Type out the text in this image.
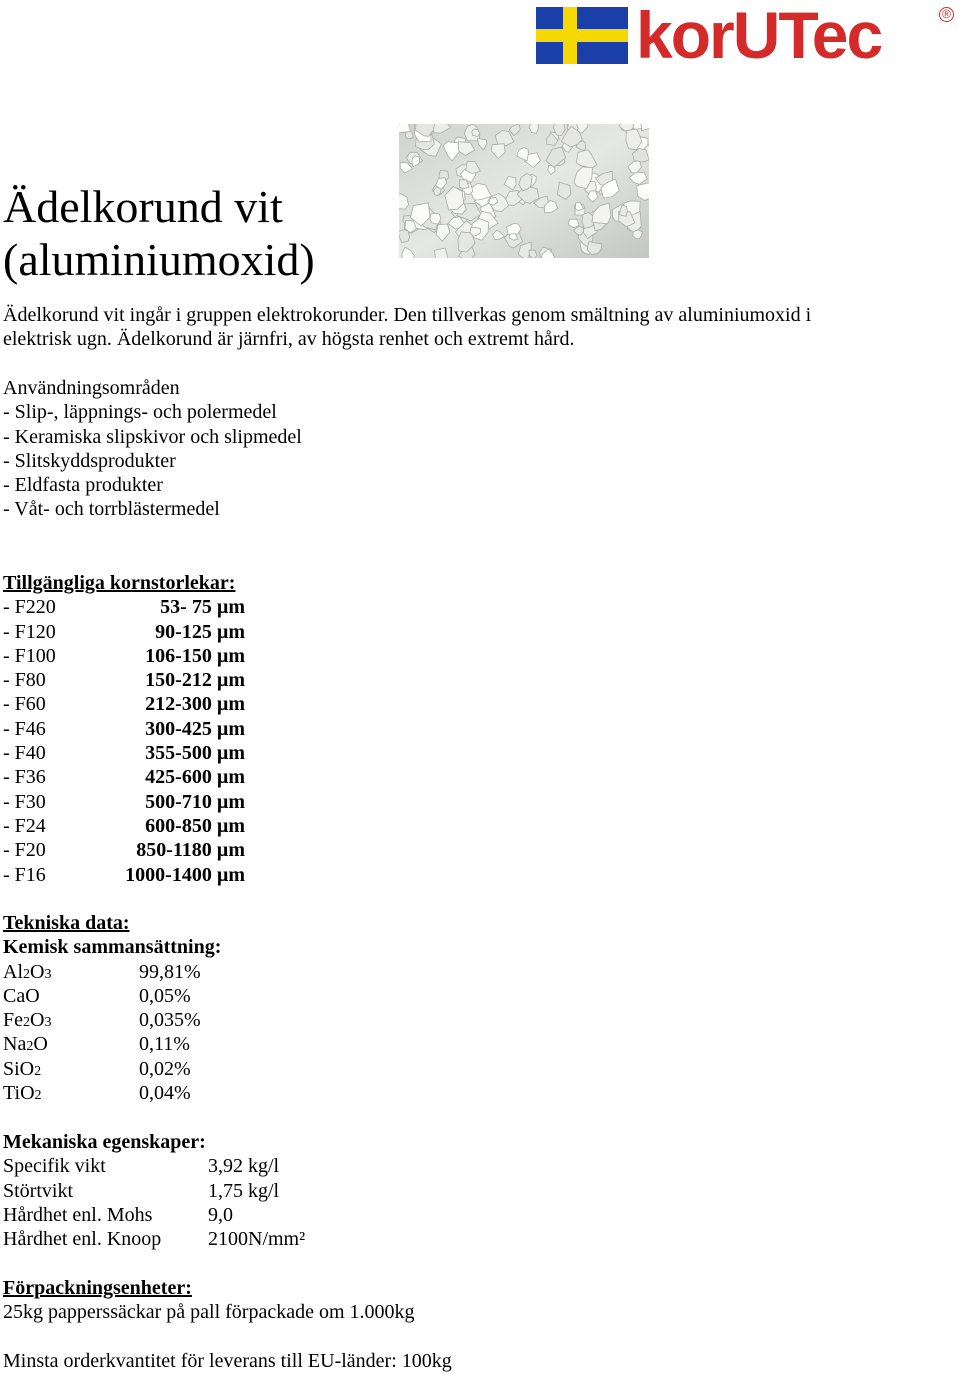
korUTec	®
Ädelkorund vit
(aluminiumoxid)
Ädelkorund vit ingår i gruppen elektrokorunder. Den tillverkas genom smältning av aluminiumoxid i
elektrisk ugn. Ädelkorund är järnfri, av högsta renhet och extremt hård.
Användningsområden
- Slip-, läppnings- och polermedel
- Keramiska slipskivor och slipmedel
- Slitskyddsprodukter
- Eldfasta produkter
- Våt- och torrblästermedel
Tillgängliga kornstorlekar:
- F220	53- 75 µm
- F120	90-125 µm
- F100	106-150 µm
- F80	150-212 µm
- F60	212-300 µm
- F46	300-425 µm
- F40	355-500 µm
- F36	425-600 µm
- F30	500-710 µm
- F24	600-850 µm
- F20	850-1180 µm
- F16	1000-1400 µm
Tekniska data:
Kemisk sammansättning:
Al2O3	99,81%
CaO	0,05%
Fe2O3	0,035%
Na2O	0,11%
SiO2	0,02%
TiO2	0,04%
Mekaniska egenskaper:
Specifik vikt	3,92 kg/l
Störtvikt	1,75 kg/l
Hårdhet enl. Mohs	9,0
Hårdhet enl. Knoop 2100N/mm²
Förpackningsenheter:
25kg papperssäckar på pall förpackade om 1.000kg
Minsta orderkvantitet för leverans till EU-länder: 100kg
